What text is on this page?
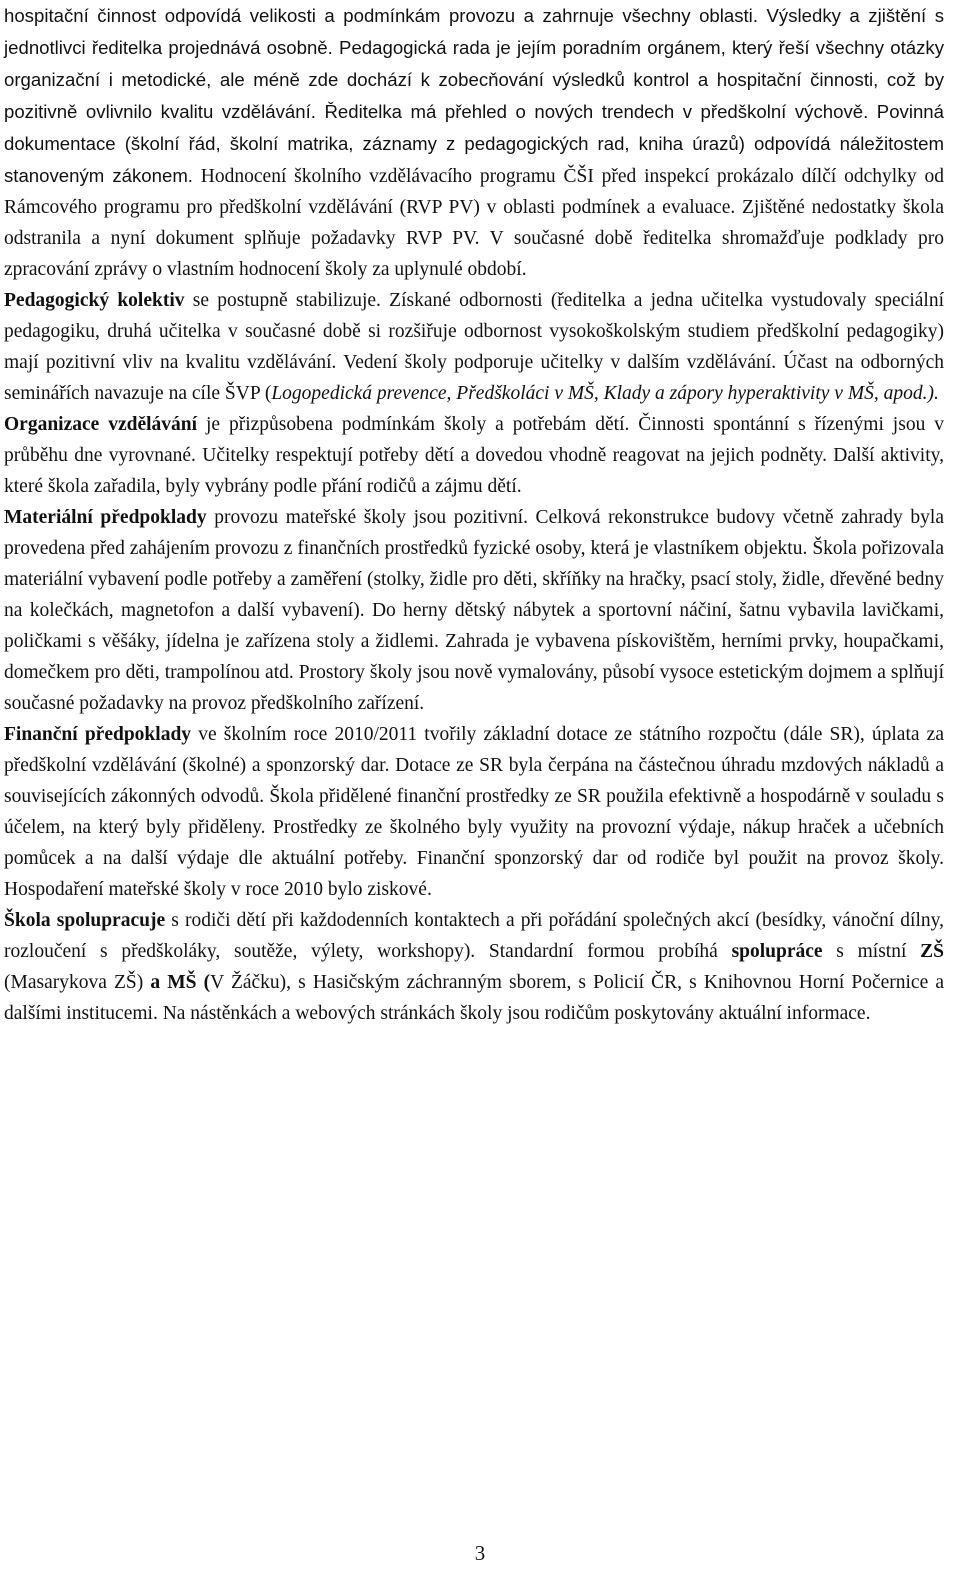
hospitační činnost odpovídá velikosti a podmínkám provozu a zahrnuje všechny oblasti. Výsledky a zjištění s jednotlivci ředitelka projednává osobně. Pedagogická rada je jejím poradním orgánem, který řeší všechny otázky organizační i metodické, ale méně zde dochází k zobecňování výsledků kontrol a hospitační činnosti, což by pozitivně ovlivnilo kvalitu vzdělávání. Ředitelka má přehled o nových trendech v předškolní výchově. Povinná dokumentace (školní řád, školní matrika, záznamy z pedagogických rad, kniha úrazů) odpovídá náležitostem stanoveným zákonem. Hodnocení školního vzdělávacího programu ČŠI před inspekcí prokázalo dílčí odchylky od Rámcového programu pro předškolní vzdělávání (RVP PV) v oblasti podmínek a evaluace. Zjištěné nedostatky škola odstranila a nyní dokument splňuje požadavky RVP PV. V současné době ředitelka shromažďuje podklady pro zpracování zprávy o vlastním hodnocení školy za uplynulé období.

Pedagogický kolektiv se postupně stabilizuje. Získané odbornosti (ředitelka a jedna učitelka vystudovaly speciální pedagogiku, druhá učitelka v současné době si rozšiřuje odbornost vysokoškolským studiem předškolní pedagogiky) mají pozitivní vliv na kvalitu vzdělávání. Vedení školy podporuje učitelky v dalším vzdělávání. Účast na odborných seminářích navazuje na cíle ŠVP (Logopedická prevence, Předškoláci v MŠ, Klady a zápory hyperaktivity v MŠ, apod.).

Organizace vzdělávání je přizpůsobena podmínkám školy a potřebám dětí. Činnosti spontánní s řízenými jsou v průběhu dne vyrovnané. Učitelky respektují potřeby dětí a dovedou vhodně reagovat na jejich podněty. Další aktivity, které škola zařadila, byly vybrány podle přání rodičů a zájmu dětí.

Materiální předpoklady provozu mateřské školy jsou pozitivní. Celková rekonstrukce budovy včetně zahrady byla provedena před zahájením provozu z finančních prostředků fyzické osoby, která je vlastníkem objektu. Škola pořizovala materiální vybavení podle potřeby a zaměření (stolky, židle pro děti, skříňky na hračky, psací stoly, židle, dřevěné bedny na kolečkách, magnetofon a další vybavení). Do herny dětský nábytek a sportovní náčiní, šatnu vybavila lavičkami, poličkami s věšáky, jídelna je zařízena stoly a židlemi. Zahrada je vybavena pískovištěm, herními prvky, houpačkami, domečkem pro děti, trampolínou atd. Prostory školy jsou nově vymalovány, působí vysoce estetickým dojmem a splňují současné požadavky na provoz předškolního zařízení.

Finanční předpoklady ve školním roce 2010/2011 tvořily základní dotace ze státního rozpočtu (dále SR), úplata za předškolní vzdělávání (školné) a sponzorský dar. Dotace ze SR byla čerpána na částečnou úhradu mzdových nákladů a souvisejících zákonných odvodů. Škola přidělené finanční prostředky ze SR použila efektivně a hospodárně v souladu s účelem, na který byly přiděleny. Prostředky ze školného byly využity na provozní výdaje, nákup hraček a učebních pomůcek a na další výdaje dle aktuální potřeby. Finanční sponzorský dar od rodiče byl použit na provoz školy. Hospodaření mateřské školy v roce 2010 bylo ziskové.

Škola spolupracuje s rodiči dětí při každodenních kontaktech a při pořádání společných akcí (besídky, vánoční dílny, rozloučení s předškoláky, soutěže, výlety, workshopy). Standardní formou probíhá spolupráce s místní ZŠ (Masarykova ZŠ) a MŠ (V Žáčku), s Hasičským záchranným sborem, s Policií ČR, s Knihovnou Horní Počernice a dalšími institucemi. Na nástěnkách a webových stránkách školy jsou rodičům poskytovány aktuální informace.

3
